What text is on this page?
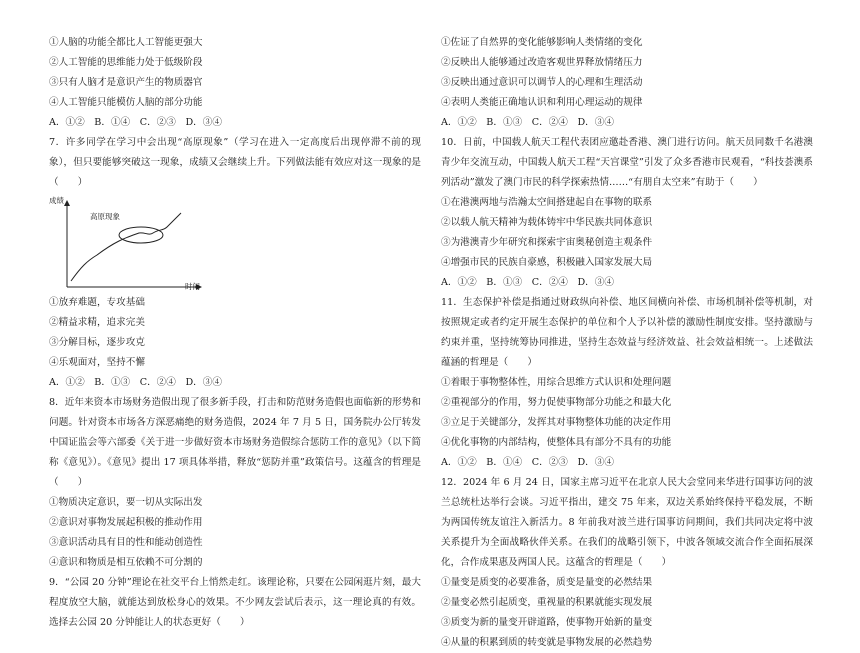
①人脑的功能全都比人工智能更强大
②人工智能的思维能力处于低级阶段
③只有人脑才是意识产生的物质器官
④人工智能只能模仿人脑的部分功能
A．①②　B．①④　C．②③　D．③④
7．许多同学在学习中会出现“高原现象”（学习在进入一定高度后出现停滞不前的现象），但只要能够突破这一现象，成绩又会继续上升。下列做法能有效应对这一现象的是（　　）
成绩
高原现象
时间
①放弃难题，专攻基础
②精益求精，追求完美
③分解目标，逐步攻克
④乐观面对，坚持不懈
A．①②　B．①③　C．②④　D．③④
8．近年来资本市场财务造假出现了很多新手段，打击和防范财务造假也面临新的形势和问题。针对资本市场各方深恶痛绝的财务造假，2024 年 7 月 5 日，国务院办公厅转发中国证监会等六部委《关于进一步做好资本市场财务造假综合惩防工作的意见》（以下简称《意见》）。《意见》提出 17 项具体举措，释放“惩防并重”政策信号。这蕴含的哲理是（　　）
①物质决定意识，要一切从实际出发
②意识对事物发展起积极的推动作用
③意识活动具有目的性和能动创造性
④意识和物质是相互依赖不可分割的
9．“公园 20 分钟”理论在社交平台上悄然走红。该理论称，只要在公园闲逛片刻，最大程度放空大脑，就能达到放松身心的效果。不少网友尝试后表示，这一理论真的有效。选择去公园 20 分钟能让人的状态更好（　　）
①佐证了自然界的变化能够影响人类情绪的变化
②反映出人能够通过改造客观世界释放情绪压力
③反映出通过意识可以调节人的心理和生理活动
④表明人类能正确地认识和利用心理运动的规律
A．①②　B．①③　C．②④　D．③④
10．日前，中国载人航天工程代表团应邀赴香港、澳门进行访问。航天员同数千名港澳青少年交流互动，中国载人航天工程“天宫课堂”引发了众多香港市民观看，“科技荟澳系列活动”激发了澳门市民的科学探索热情……“有朋自太空来”有助于（　　）
①在港澳两地与浩瀚太空间搭建起自在事物的联系
②以载人航天精神为载体铸牢中华民族共同体意识
③为港澳青少年研究和探索宇宙奥秘创造主观条件
④增强市民的民族自豪感，积极融入国家发展大局
A．①②　B．①③　C．②④　D．③④
11．生态保护补偿是指通过财政纵向补偿、地区间横向补偿、市场机制补偿等机制，对按照规定或者约定开展生态保护的单位和个人予以补偿的激励性制度安排。坚持激励与约束并重，坚持统筹协同推进，坚持生态效益与经济效益、社会效益相统一。上述做法蕴涵的哲理是（　　）
①着眼于事物整体性，用综合思维方式认识和处理问题
②重视部分的作用，努力促使事物部分功能之和最大化
③立足于关键部分，发挥其对事物整体功能的决定作用
④优化事物的内部结构，使整体具有部分不具有的功能
A．①②　B．①④　C．②③　D．③④
12．2024 年 6 月 24 日，国家主席习近平在北京人民大会堂同来华进行国事访问的波兰总统杜达举行会谈。习近平指出，建交 75 年来，双边关系始终保持平稳发展，不断为两国传统友谊注入新活力。8 年前我对波兰进行国事访问期间，我们共同决定将中波关系提升为全面战略伙伴关系。在我们的战略引领下，中波各领域交流合作全面拓展深化，合作成果惠及两国人民。这蕴含的哲理是（　　）
①量变是质变的必要准备，质变是量变的必然结果
②量变必然引起质变，重视量的积累就能实现发展
③质变为新的量变开辟道路，使事物开始新的量变
④从量的积累到质的转变就是事物发展的必然趋势
